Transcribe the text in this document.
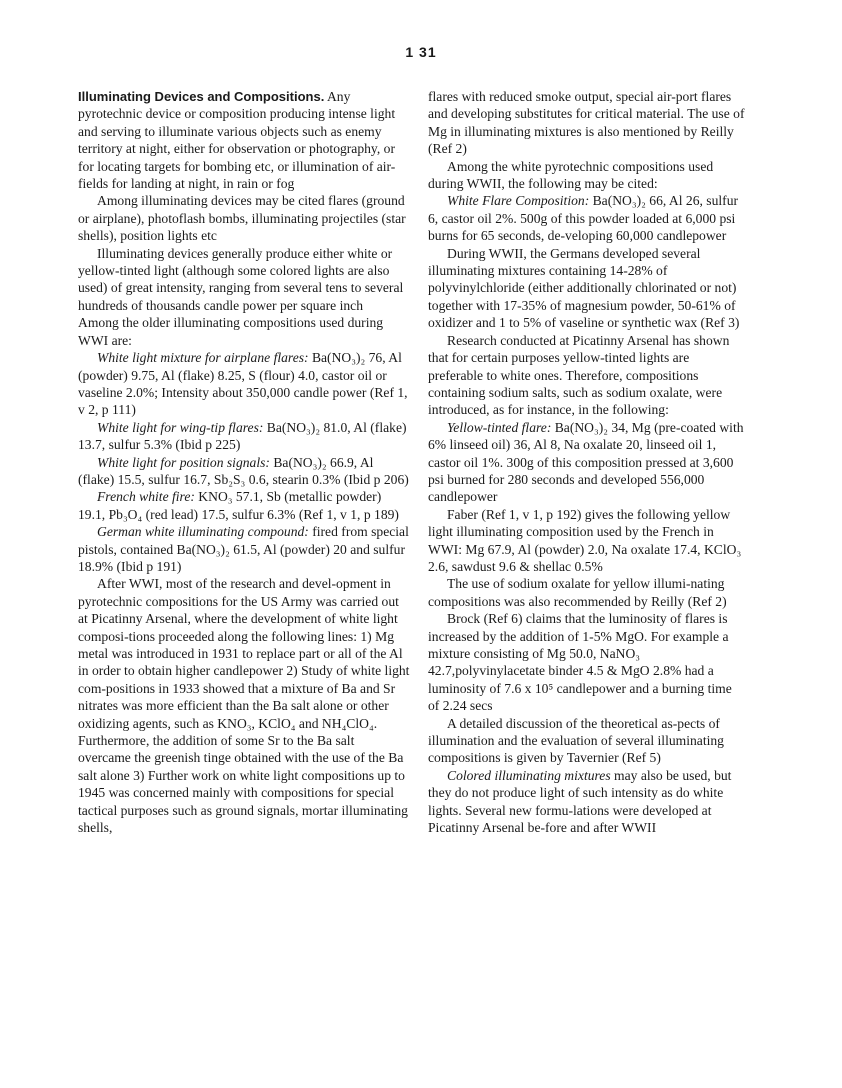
1 31

Illuminating Devices and Compositions. Any pyrotechnic device or composition producing intense light and serving to illuminate various objects such as enemy territory at night, either for observation or photography, or for locating targets for bombing etc, or illumination of air-fields for landing at night, in rain or fog

Among illuminating devices may be cited flares (ground or airplane), photoflash bombs, illuminating projectiles (star shells), position lights etc

Illuminating devices generally produce either white or yellow-tinted light (although some colored lights are also used) of great intensity, ranging from several tens to several hundreds of thousands candle power per square inch

Among the older illuminating compositions used during WWI are:

White light mixture for airplane flares: Ba(NO₃)₂ 76, Al (powder) 9.75, Al (flake) 8.25, S (flour) 4.0, castor oil or vaseline 2.0%; Intensity about 350,000 candle power (Ref 1, v 2, p 111)

White light for wing-tip flares: Ba(NO₃)₂ 81.0, Al (flake) 13.7, sulfur 5.3% (Ibid p 225)

White light for position signals: Ba(NO₃)₂ 66.9, Al (flake) 15.5, sulfur 16.7, Sb₂S₃ 0.6, stearin 0.3% (Ibid p 206)

French white fire: KNO₃ 57.1, Sb (metallic powder) 19.1, Pb₃O₄ (red lead) 17.5, sulfur 6.3% (Ref 1, v 1, p 189)

German white illuminating compound: fired from special pistols, contained Ba(NO₃)₂ 61.5, Al (powder) 20 and sulfur 18.9% (Ibid p 191)

After WWI, most of the research and devel-opment in pyrotechnic compositions for the US Army was carried out at Picatinny Arsenal, where the development of white light composi-tions proceeded along the following lines: 1) Mg metal was introduced in 1931 to replace part or all of the Al in order to obtain higher candlepower 2) Study of white light com-positions in 1933 showed that a mixture of Ba and Sr nitrates was more efficient than the Ba salt alone or other oxidizing agents, such as KNO₃, KClO₄ and NH₄ClO₄. Furthermore, the addition of some Sr to the Ba salt overcame the greenish tinge obtained with the use of the Ba salt alone 3) Further work on white light compositions up to 1945 was concerned mainly with compositions for special tactical purposes such as ground signals, mortar illuminating shells,

flares with reduced smoke output, special air-port flares and developing substitutes for critical material. The use of Mg in illuminating mixtures is also mentioned by Reilly (Ref 2)

Among the white pyrotechnic compositions used during WWII, the following may be cited:

White Flare Composition: Ba(NO₃)₂ 66, Al 26, sulfur 6, castor oil 2%. 500g of this powder loaded at 6,000 psi burns for 65 seconds, de-veloping 60,000 candlepower

During WWII, the Germans developed several illuminating mixtures containing 14-28% of polyvinylchloride (either additionally chlorinated or not) together with 17-35% of magnesium powder, 50-61% of oxidizer and 1 to 5% of vaseline or synthetic wax (Ref 3)

Research conducted at Picatinny Arsenal has shown that for certain purposes yellow-tinted lights are preferable to white ones. Therefore, compositions containing sodium salts, such as sodium oxalate, were introduced, as for instance, in the following:

Yellow-tinted flare: Ba(NO₃)₂ 34, Mg (pre-coated with 6% linseed oil) 36, Al 8, Na oxalate 20, linseed oil 1, castor oil 1%. 300g of this composition pressed at 3,600 psi burned for 280 seconds and developed 556,000 candlepower

Faber (Ref 1, v 1, p 192) gives the following yellow light illuminating composition used by the French in WWI: Mg 67.9, Al (powder) 2.0, Na oxalate 17.4, KClO₃ 2.6, sawdust 9.6 & shellac 0.5%

The use of sodium oxalate for yellow illumi-nating compositions was also recommended by Reilly (Ref 2)

Brock (Ref 6) claims that the luminosity of flares is increased by the addition of 1-5% MgO. For example a mixture consisting of Mg 50.0, NaNO₃ 42.7,polyvinylacetate binder 4.5 & MgO 2.8% had a luminosity of 7.6 x 10⁵ candlepower and a burning time of 2.24 secs

A detailed discussion of the theoretical as-pects of illumination and the evaluation of several illuminating compositions is given by Tavernier (Ref 5)

Colored illuminating mixtures may also be used, but they do not produce light of such intensity as do white lights. Several new formu-lations were developed at Picatinny Arsenal be-fore and after WWII
